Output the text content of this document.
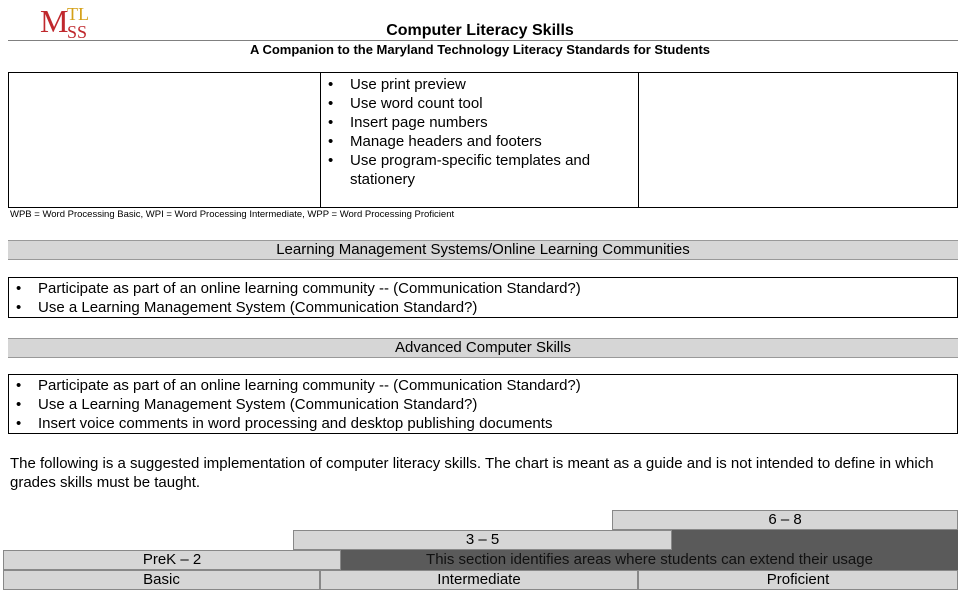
M
TL
SS	Computer Literacy Skills
A Companion to the Maryland Technology Literacy Standards for Students
• Use print preview
• Use word count tool
• Insert page numbers
• Manage headers and footers
• Use program-specific templates and stationery
WPB = Word Processing Basic, WPI = Word Processing Intermediate, WPP = Word Processing Proficient
Learning Management Systems/Online Learning Communities
• Participate as part of an online learning community -- (Communication Standard?)
• Use a Learning Management System (Communication Standard?)
Advanced Computer Skills
• Participate as part of an online learning community -- (Communication Standard?)
• Use a Learning Management System (Communication Standard?)
• Insert voice comments in word processing and desktop publishing documents
The following is a suggested implementation of computer literacy skills. The chart is meant as a guide and is not intended to define in which grades skills must be taught.
6 – 8
3 – 5
PreK – 2	This section identifies areas where students can extend their usage
Basic	Intermediate	Proficient
